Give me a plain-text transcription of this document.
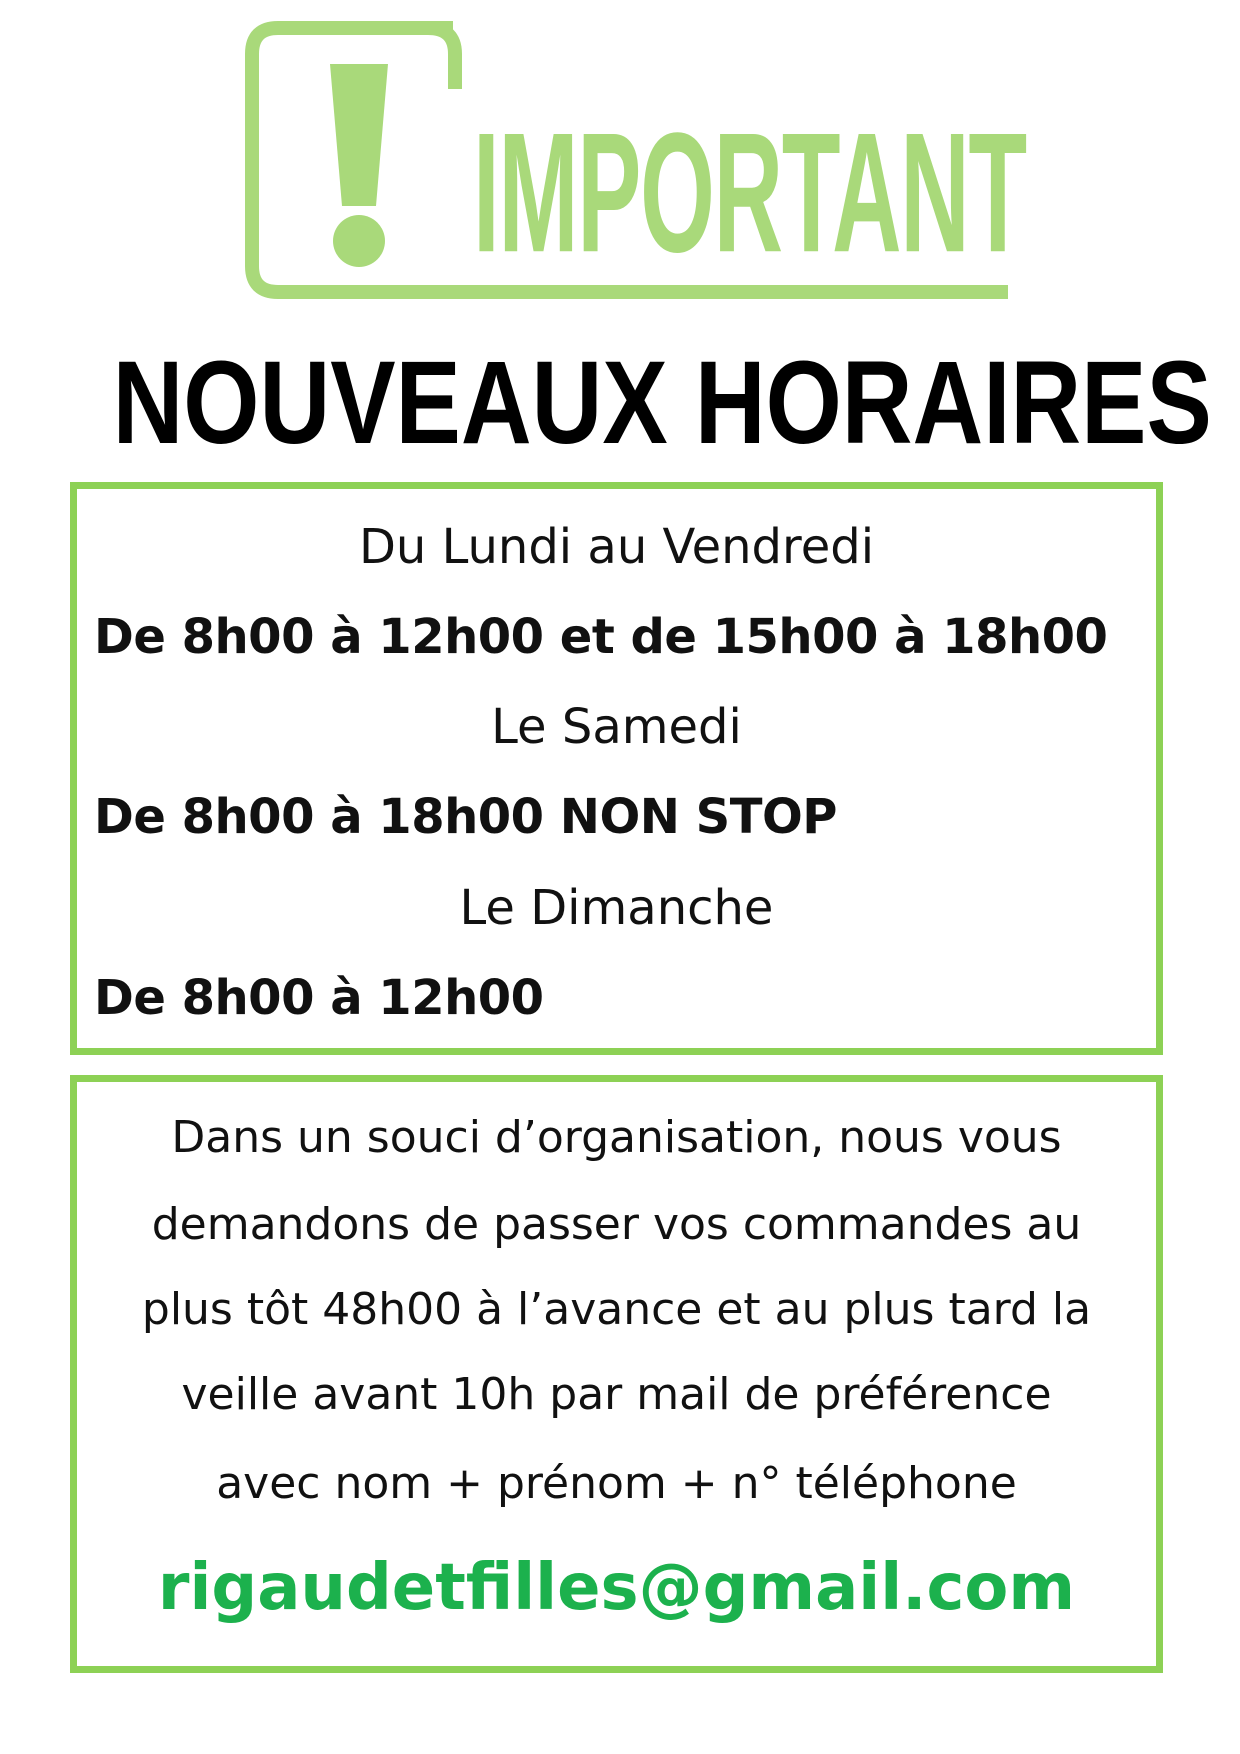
IMPORTANT
NOUVEAUX HORAIRES
Du Lundi au Vendredi
De 8h00 à 12h00 et de 15h00 à 18h00
Le Samedi
De 8h00 à 18h00 NON STOP
Le Dimanche
De 8h00 à 12h00
Dans un souci d’organisation, nous vous
demandons de passer vos commandes au
plus tôt 48h00 à l’avance et au plus tard la
veille avant 10h par mail de préférence
avec nom + prénom + n° téléphone
rigaudetfilles@gmail.com
